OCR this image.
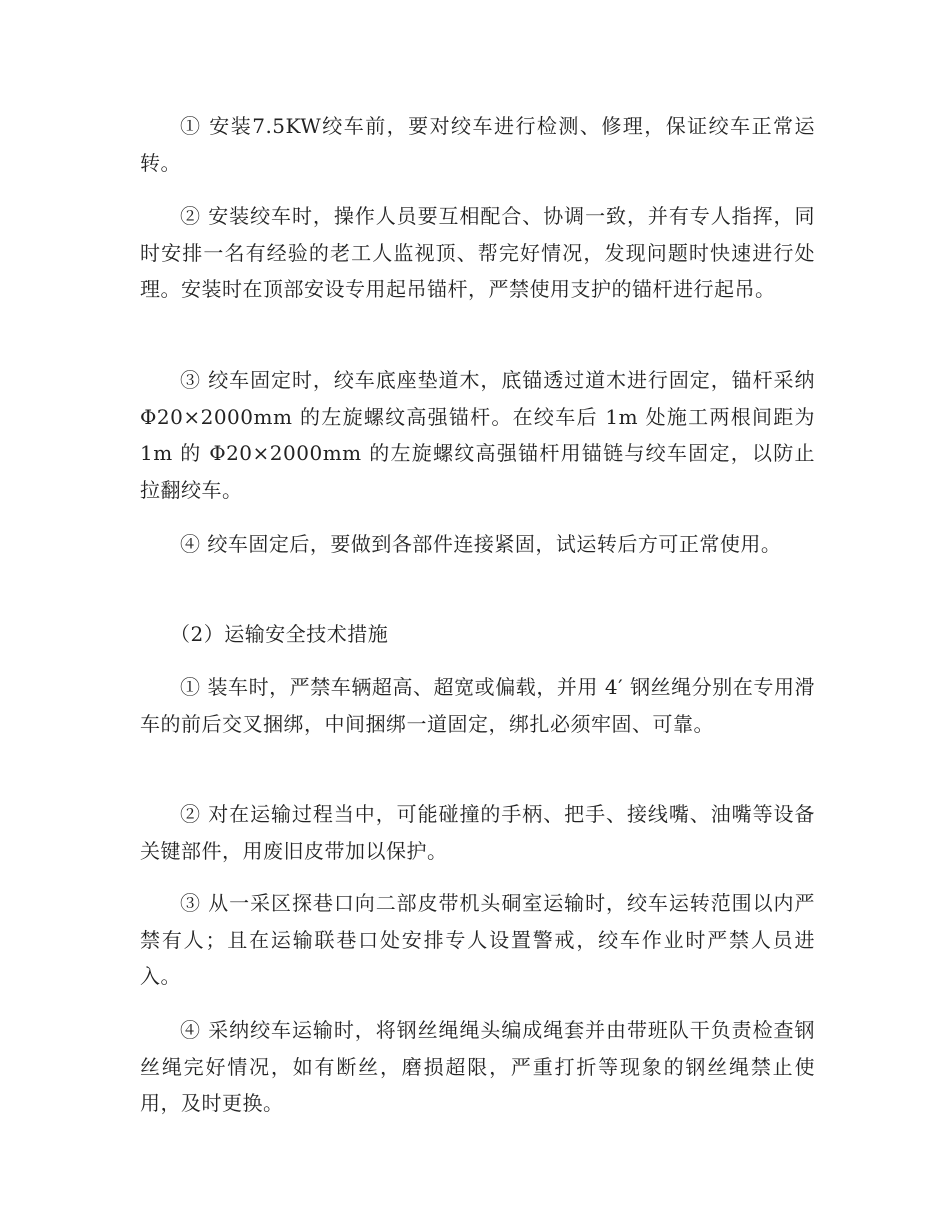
① 安装7.5KW绞车前，要对绞车进行检测、修理，保证绞车正常运转。

② 安装绞车时，操作人员要互相配合、协调一致，并有专人指挥，同时安排一名有经验的老工人监视顶、帮完好情况，发现问题时快速进行处理。安装时在顶部安设专用起吊锚杆，严禁使用支护的锚杆进行起吊。

③ 绞车固定时，绞车底座垫道木，底锚透过道木进行固定，锚杆采纳 Φ20×2000mm 的左旋螺纹高强锚杆。在绞车后 1m 处施工两根间距为 1m 的 Φ20×2000mm 的左旋螺纹高强锚杆用锚链与绞车固定，以防止拉翻绞车。

④ 绞车固定后，要做到各部件连接紧固，试运转后方可正常使用。

（2）运输安全技术措施

① 装车时，严禁车辆超高、超宽或偏载，并用 4′ 钢丝绳分别在专用滑车的前后交叉捆绑，中间捆绑一道固定，绑扎必须牢固、可靠。

② 对在运输过程当中，可能碰撞的手柄、把手、接线嘴、油嘴等设备关键部件，用废旧皮带加以保护。

③ 从一采区探巷口向二部皮带机头硐室运输时，绞车运转范围以内严禁有人；且在运输联巷口处安排专人设置警戒，绞车作业时严禁人员进入。

④ 采纳绞车运输时，将钢丝绳绳头编成绳套并由带班队干负责检查钢丝绳完好情况，如有断丝，磨损超限，严重打折等现象的钢丝绳禁止使用，及时更换。
